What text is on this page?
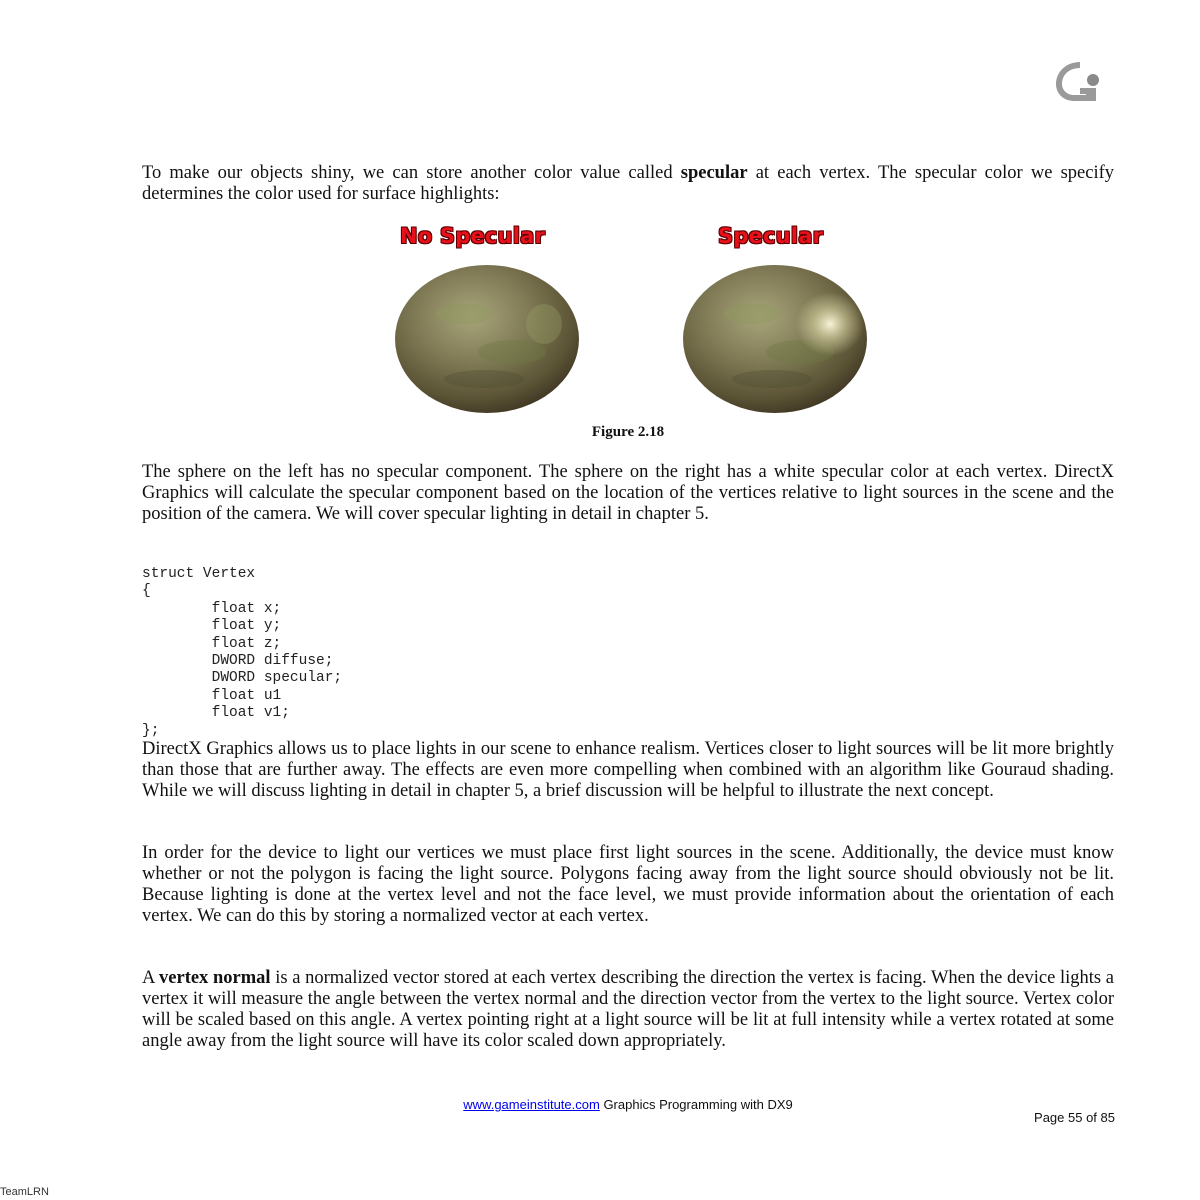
To make our objects shiny, we can store another color value called specular at each vertex. The specular color we specify determines the color used for surface highlights:

No Specular	Specular
Figure 2.18

The sphere on the left has no specular component. The sphere on the right has a white specular color at each vertex. DirectX Graphics will calculate the specular component based on the location of the vertices relative to light sources in the scene and the position of the camera. We will cover specular lighting in detail in chapter 5.

struct Vertex
{
float x;
float y;
float z;
DWORD diffuse;
DWORD specular;
float u1
float v1;
};

DirectX Graphics allows us to place lights in our scene to enhance realism. Vertices closer to light sources will be lit more brightly than those that are further away. The effects are even more compelling when combined with an algorithm like Gouraud shading. While we will discuss lighting in detail in chapter 5, a brief discussion will be helpful to illustrate the next concept.

In order for the device to light our vertices we must place first light sources in the scene. Additionally, the device must know whether or not the polygon is facing the light source. Polygons facing away from the light source should obviously not be lit. Because lighting is done at the vertex level and not the face level, we must provide information about the orientation of each vertex. We can do this by storing a normalized vector at each vertex.

A vertex normal is a normalized vector stored at each vertex describing the direction the vertex is facing. When the device lights a vertex it will measure the angle between the vertex normal and the direction vector from the vertex to the light source. Vertex color will be scaled based on this angle. A vertex pointing right at a light source will be lit at full intensity while a vertex rotated at some angle away from the light source will have its color scaled down appropriately.

www.gameinstitute.com Graphics Programming with DX9
Page 55 of 85
TeamLRN
